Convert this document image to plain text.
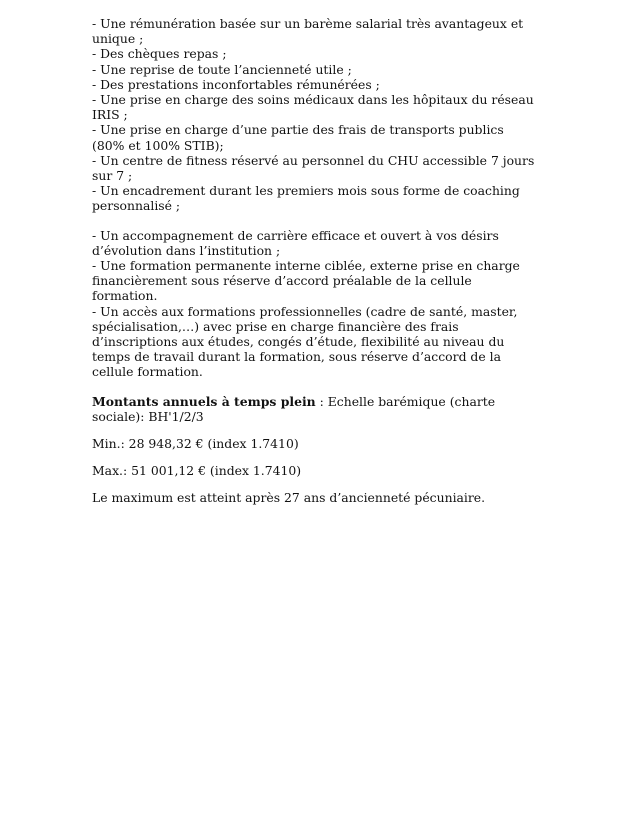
- Une rémunération basée sur un barème salarial très avantageux et unique ;
- Des chèques repas ;
- Une reprise de toute l’ancienneté utile ;
- Des prestations inconfortables rémunérées ;
- Une prise en charge des soins médicaux dans les hôpitaux du réseau IRIS ;
- Une prise en charge d’une partie des frais de transports publics (80% et 100% STIB);
- Un centre de fitness réservé au personnel du CHU accessible 7 jours sur 7 ;
- Un encadrement durant les premiers mois sous forme de coaching personnalisé ;
- Un accompagnement de carrière efficace et ouvert à vos désirs d’évolution dans l’institution ;
- Une formation permanente interne ciblée, externe prise en charge financièrement sous réserve d’accord préalable de la cellule formation.
- Un accès aux formations professionnelles (cadre de santé, master, spécialisation,…) avec prise en charge financière des frais d’inscriptions aux études, congés d’étude, flexibilité au niveau du temps de travail durant la formation, sous réserve d’accord de la cellule formation.

Montants annuels à temps plein : Echelle barémique (charte sociale): BH'1/2/3

Min.: 28 948,32 € (index 1.7410)

Max.: 51 001,12 € (index 1.7410)

Le maximum est atteint après 27 ans d’ancienneté pécuniaire.
